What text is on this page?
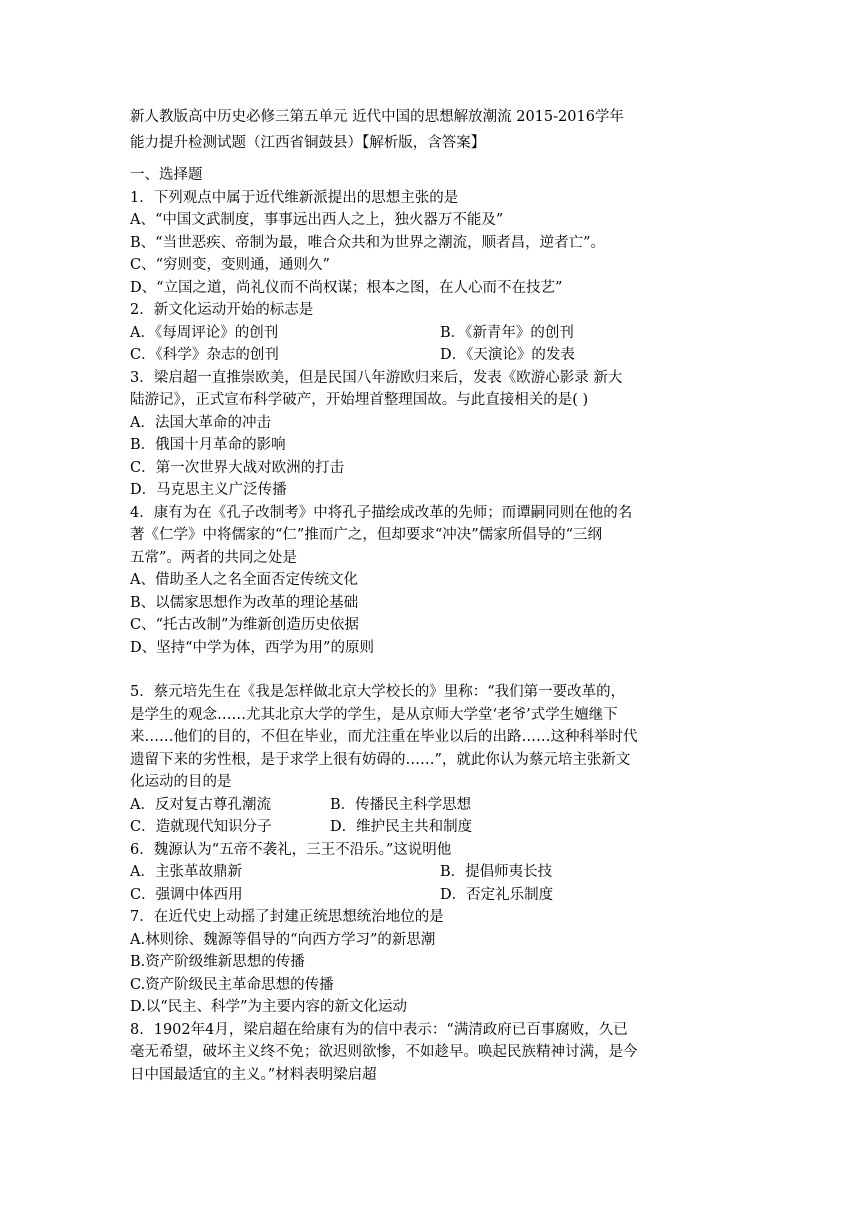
新人教版高中历史必修三第五单元 近代中国的思想解放潮流 2015-2016学年
能力提升检测试题（江西省铜鼓县）【解析版，含答案】
一、选择题
1．下列观点中属于近代维新派提出的思想主张的是
A、“中国文武制度，事事远出西人之上，独火器万不能及”
B、“当世恶疾、帝制为最，唯合众共和为世界之潮流，顺者昌，逆者亡”。
C、“穷则变，变则通，通则久”
D、“立国之道，尚礼仪而不尚权谋；根本之图，在人心而不在技艺”
2．新文化运动开始的标志是
A．《每周评论》的创刊	B．《新青年》的创刊
C．《科学》杂志的创刊	D．《天演论》的发表
3．梁启超一直推崇欧美，但是民国八年游欧归来后，发表《欧游心影录 新大
陆游记》，正式宣布科学破产，开始埋首整理国故。与此直接相关的是( )
A．法国大革命的冲击
B．俄国十月革命的影响
C．第一次世界大战对欧洲的打击
D．马克思主义广泛传播
4．康有为在《孔子改制考》中将孔子描绘成改革的先师；而谭嗣同则在他的名
著《仁学》中将儒家的“仁”推而广之，但却要求“冲决”儒家所倡导的“三纲
五常”。两者的共同之处是
A、借助圣人之名全面否定传统文化
B、以儒家思想作为改革的理论基础
C、“托古改制”为维新创造历史依据
D、坚持“中学为体，西学为用”的原则
5．蔡元培先生在《我是怎样做北京大学校长的》里称：“我们第一要改革的，
是学生的观念……尤其北京大学的学生，是从京师大学堂‘老爷’式学生嬗继下
来……他们的目的，不但在毕业，而尤注重在毕业以后的出路……这种科举时代
遗留下来的劣性根，是于求学上很有妨碍的……”，就此你认为蔡元培主张新文
化运动的目的是
A．反对复古尊孔潮流	B．传播民主科学思想
C．造就现代知识分子	D．维护民主共和制度
6．魏源认为“五帝不袭礼，三王不沿乐。”这说明他
A．主张革故鼎新	B．提倡师夷长技
C．强调中体西用	D．否定礼乐制度
7．在近代史上动摇了封建正统思想统治地位的是
A.林则徐、魏源等倡导的“向西方学习”的新思潮
B.资产阶级维新思想的传播
C.资产阶级民主革命思想的传播
D.以“民主、科学”为主要内容的新文化运动
8．1902年4月，梁启超在给康有为的信中表示：“满清政府已百事腐败，久已
毫无希望，破坏主义终不免；欲迟则欲惨，不如趁早。唤起民族精神讨满，是今
日中国最适宜的主义。”材料表明梁启超
